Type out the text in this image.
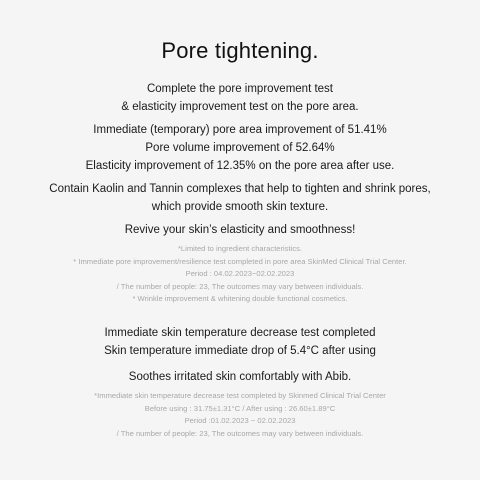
Pore tightening.

Complete the pore improvement test

& elasticity improvement test on the pore area.

Immediate (temporary) pore area improvement of 51.41%

Pore volume improvement of 52.64%

Elasticity improvement of 12.35% on the pore area after use.

Contain Kaolin and Tannin complexes that help to tighten and shrink pores,

which provide smooth skin texture.

Revive your skin’s elasticity and smoothness!

*Limited to ingredient characteristics.

* Immediate pore improvement/resilience test completed in pore area SkinMed Clinical Trial Center.

Period : 04.02.2023~02.02.2023

/ The number of people: 23, The outcomes may vary between individuals.

* Wrinkle improvement & whitening double functional cosmetics.

Immediate skin temperature decrease test completed

Skin temperature immediate drop of 5.4°C after using

Soothes irritated skin comfortably with Abib.

*Immediate skin temperature decrease test completed by Skinmed Clinical Trial Center

Before using : 31.75±1.31°C / After using : 26.60±1.89°C

Period :01.02.2023 ~ 02.02.2023

/ The number of people: 23, The outcomes may vary between individuals.
